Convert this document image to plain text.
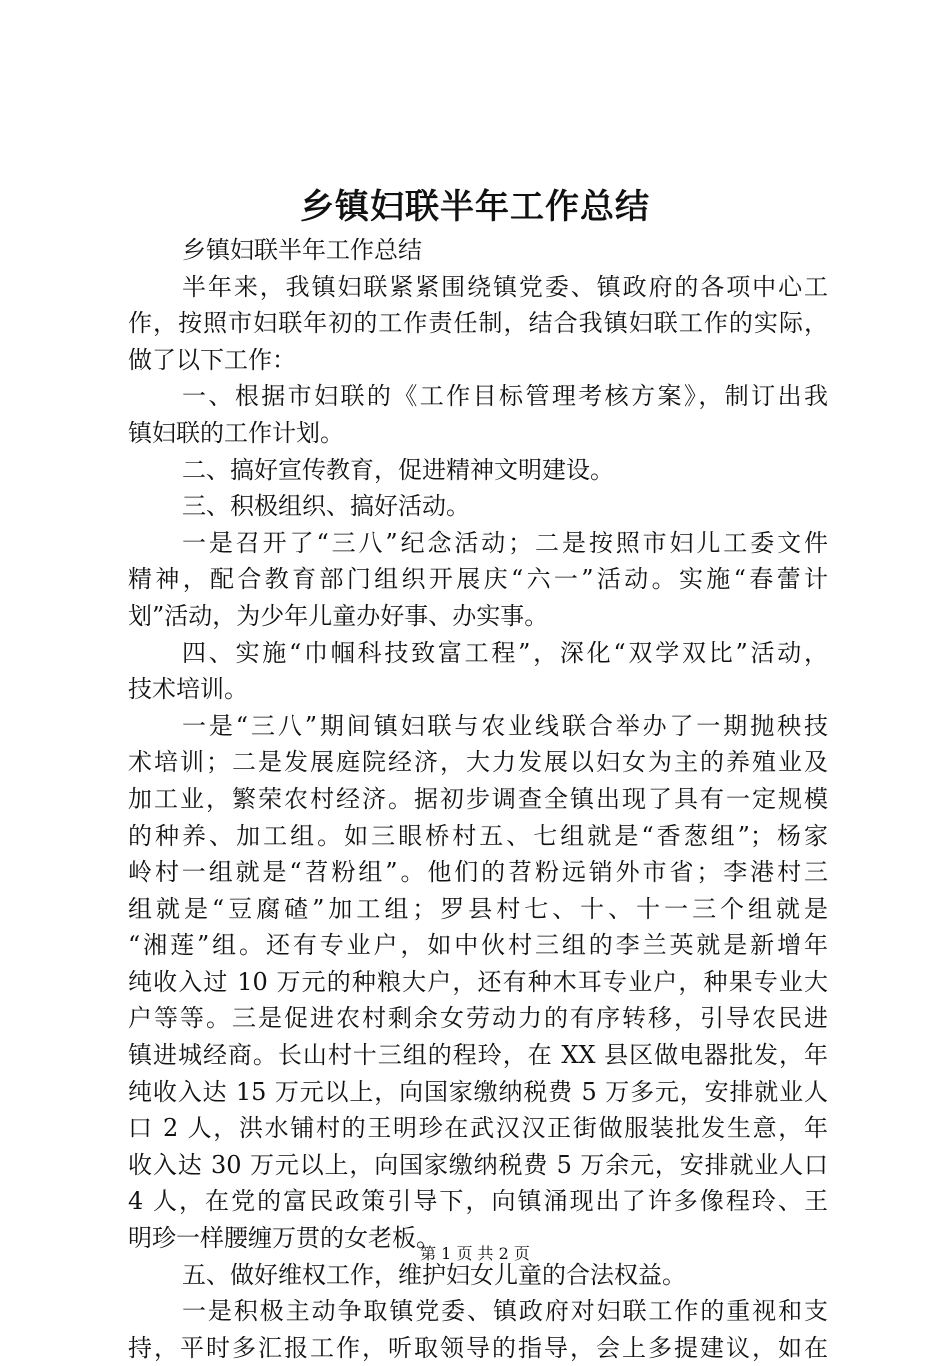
乡镇妇联半年工作总结
乡镇妇联半年工作总结
半年来，我镇妇联紧紧围绕镇党委、镇政府的各项中心工
作，按照市妇联年初的工作责任制，结合我镇妇联工作的实际，
做了以下工作：
一、根据市妇联的《工作目标管理考核方案》，制订出我
镇妇联的工作计划。
二、搞好宣传教育，促进精神文明建设。
三、积极组织、搞好活动。
一是召开了“三八”纪念活动；二是按照市妇儿工委文件
精神，配合教育部门组织开展庆“六一”活动。实施“春蕾计
划”活动，为少年儿童办好事、办实事。
四、实施“巾帼科技致富工程”，深化“双学双比”活动，
技术培训。
一是“三八”期间镇妇联与农业线联合举办了一期抛秧技
术培训；二是发展庭院经济，大力发展以妇女为主的养殖业及
加工业，繁荣农村经济。据初步调查全镇出现了具有一定规模
的种养、加工组。如三眼桥村五、七组就是“香葱组”；杨家
岭村一组就是“苕粉组”。他们的苕粉远销外市省；李港村三
组就是“豆腐碴”加工组；罗县村七、十、十一三个组就是
“湘莲”组。还有专业户，如中伙村三组的李兰英就是新增年
纯收入过 10 万元的种粮大户，还有种木耳专业户，种果专业大
户等等。三是促进农村剩余女劳动力的有序转移，引导农民进
镇进城经商。长山村十三组的程玲，在 XX 县区做电器批发，年
纯收入达 15 万元以上，向国家缴纳税费 5 万多元，安排就业人
口 2 人，洪水铺村的王明珍在武汉汉正街做服装批发生意，年
收入达 30 万元以上，向国家缴纳税费 5 万余元，安排就业人口
4 人，在党的富民政策引导下，向镇涌现出了许多像程玲、王
明珍一样腰缠万贯的女老板。
五、做好维权工作，维护妇女儿童的合法权益。
一是积极主动争取镇党委、镇政府对妇联工作的重视和支
持，平时多汇报工作，听取领导的指导，会上多提建议，如在
第 1 页 共 2 页
